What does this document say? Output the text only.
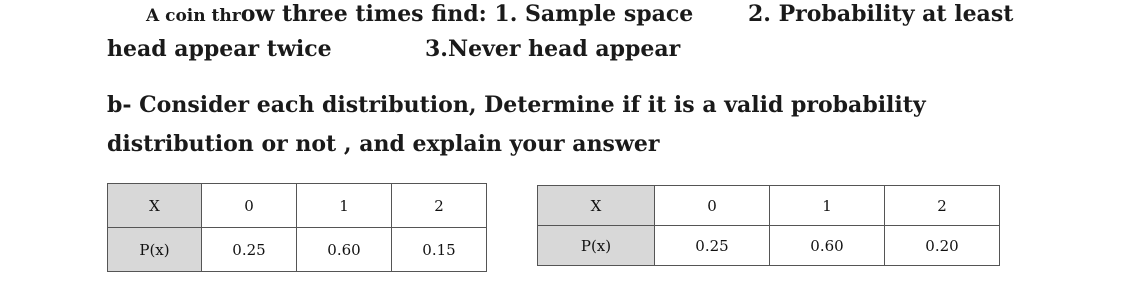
A coin throw three times find: 1. Sample space 2. Probability at least
head appear twice	3.Never head appear
b- Consider each distribution, Determine if it is a valid probability
distribution or not , and explain your answer
X	0	1	2
P(x)	0.25	0.60	0.15
X	0	1	2
P(x)	0.25	0.60	0.20
